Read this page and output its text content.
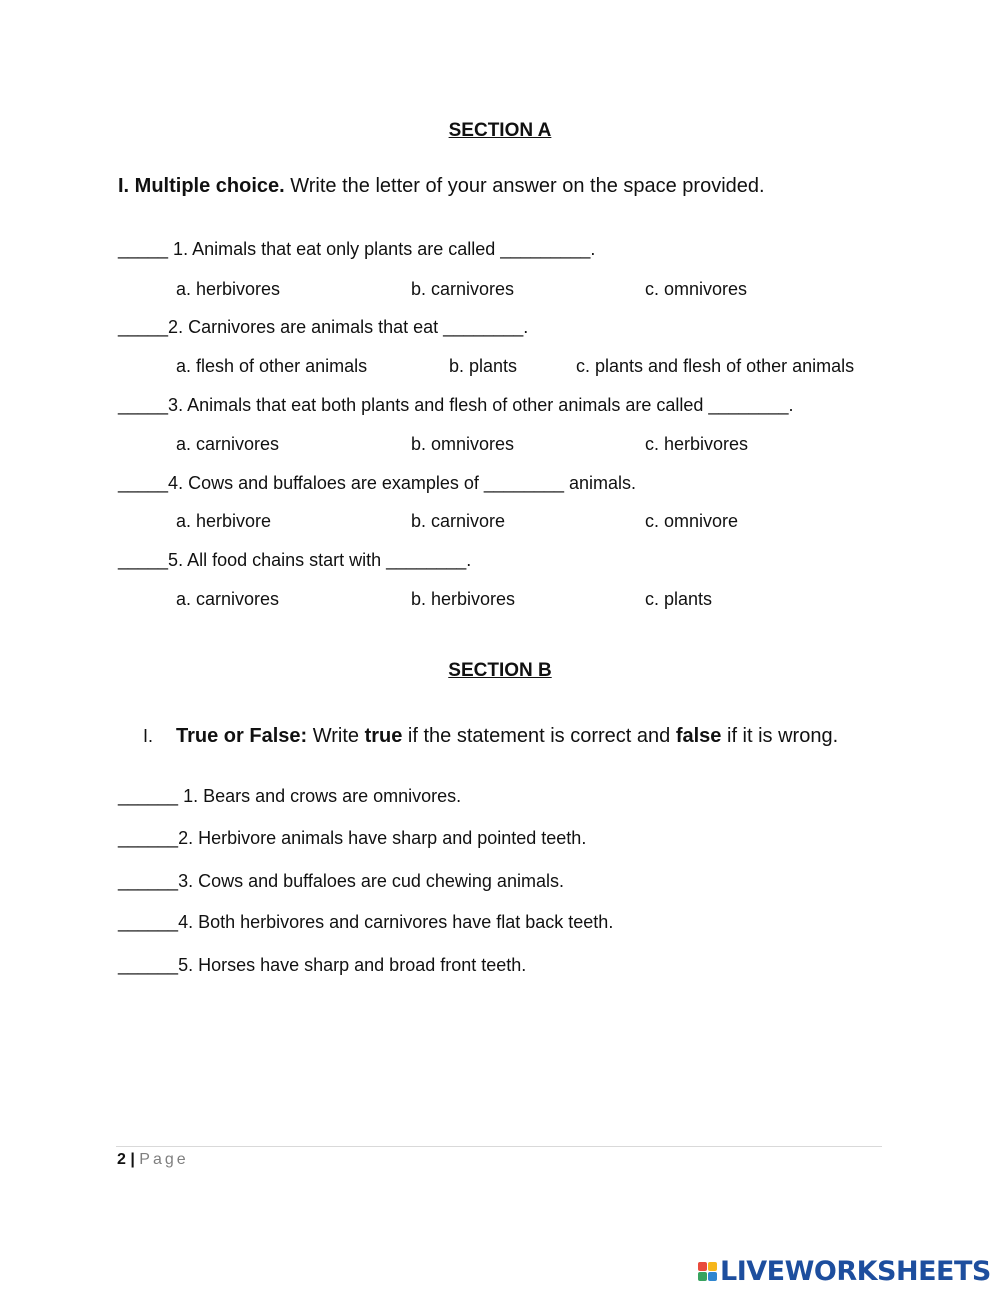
SECTION A
I. Multiple choice. Write the letter of your answer on the space provided.
_____ 1. Animals that eat only plants are called _________.
a. herbivores	b. carnivores	c. omnivores
_____2. Carnivores are animals that eat ________.
a. flesh of other animals	b. plants	c. plants and flesh of other animals
_____3. Animals that eat both plants and flesh of other animals are called ________.
a. carnivores	b. omnivores	c. herbivores
_____4. Cows and buffaloes are examples of ________ animals.
a. herbivore	b. carnivore	c. omnivore
_____5. All food chains start with ________.
a. carnivores	b. herbivores	c. plants
SECTION B
I. True or False: Write true if the statement is correct and false if it is wrong.
______ 1. Bears and crows are omnivores.
______2. Herbivore animals have sharp and pointed teeth.
______3. Cows and buffaloes are cud chewing animals.
______4. Both herbivores and carnivores have flat back teeth.
______5. Horses have sharp and broad front teeth.
2 | Page
LIVEWORKSHEETS
